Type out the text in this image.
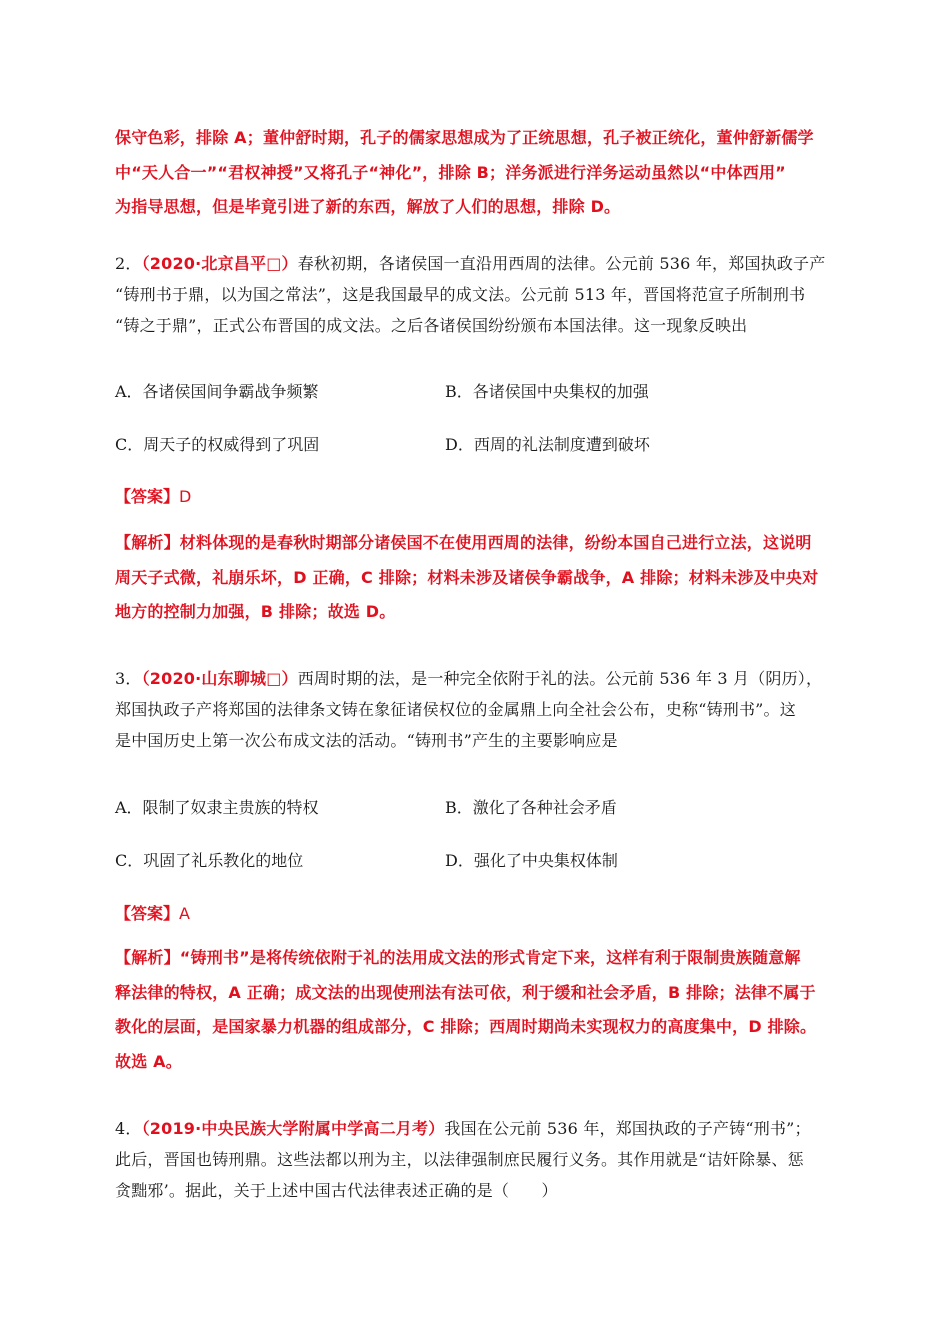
保守色彩，排除 A；董仲舒时期，孔子的儒家思想成为了正统思想，孔子被正统化，董仲舒新儒学
中“天人合一”“君权神授”又将孔子“神化”，排除 B；洋务派进行洋务运动虽然以“中体西用”
为指导思想，但是毕竟引进了新的东西，解放了人们的思想，排除 D。
2．（2020·北京昌平□）春秋初期，各诸侯国一直沿用西周的法律。公元前 536 年，郑国执政子产
“铸刑书于鼎，以为国之常法”，这是我国最早的成文法。公元前 513 年，晋国将范宣子所制刑书
“铸之于鼎”，正式公布晋国的成文法。之后各诸侯国纷纷颁布本国法律。这一现象反映出
A．各诸侯国间争霸战争频繁	B．各诸侯国中央集权的加强
C．周天子的权威得到了巩固	D．西周的礼法制度遭到破坏
【答案】D
【解析】材料体现的是春秋时期部分诸侯国不在使用西周的法律，纷纷本国自己进行立法，这说明
周天子式微，礼崩乐坏，D 正确，C 排除；材料未涉及诸侯争霸战争，A 排除；材料未涉及中央对
地方的控制力加强，B 排除；故选 D。
3．（2020·山东聊城□）西周时期的法，是一种完全依附于礼的法。公元前 536 年 3 月（阴历），
郑国执政子产将郑国的法律条文铸在象征诸侯权位的金属鼎上向全社会公布，史称“铸刑书”。这
是中国历史上第一次公布成文法的活动。“铸刑书”产生的主要影响应是
A．限制了奴隶主贵族的特权	B．激化了各种社会矛盾
C．巩固了礼乐教化的地位	D．强化了中央集权体制
【答案】A
【解析】“铸刑书”是将传统依附于礼的法用成文法的形式肯定下来，这样有利于限制贵族随意解
释法律的特权，A 正确；成文法的出现使刑法有法可依，利于缓和社会矛盾，B 排除；法律不属于
教化的层面，是国家暴力机器的组成部分，C 排除；西周时期尚未实现权力的高度集中，D 排除。
故选 A。
4．（2019·中央民族大学附属中学高二月考）我国在公元前 536 年，郑国执政的子产铸“刑书”；
此后，晋国也铸刑鼎。这些法都以刑为主，以法律强制庶民履行义务。其作用就是“诘奸除暴、惩
贪黜邪’。据此，关于上述中国古代法律表述正确的是（　　）
